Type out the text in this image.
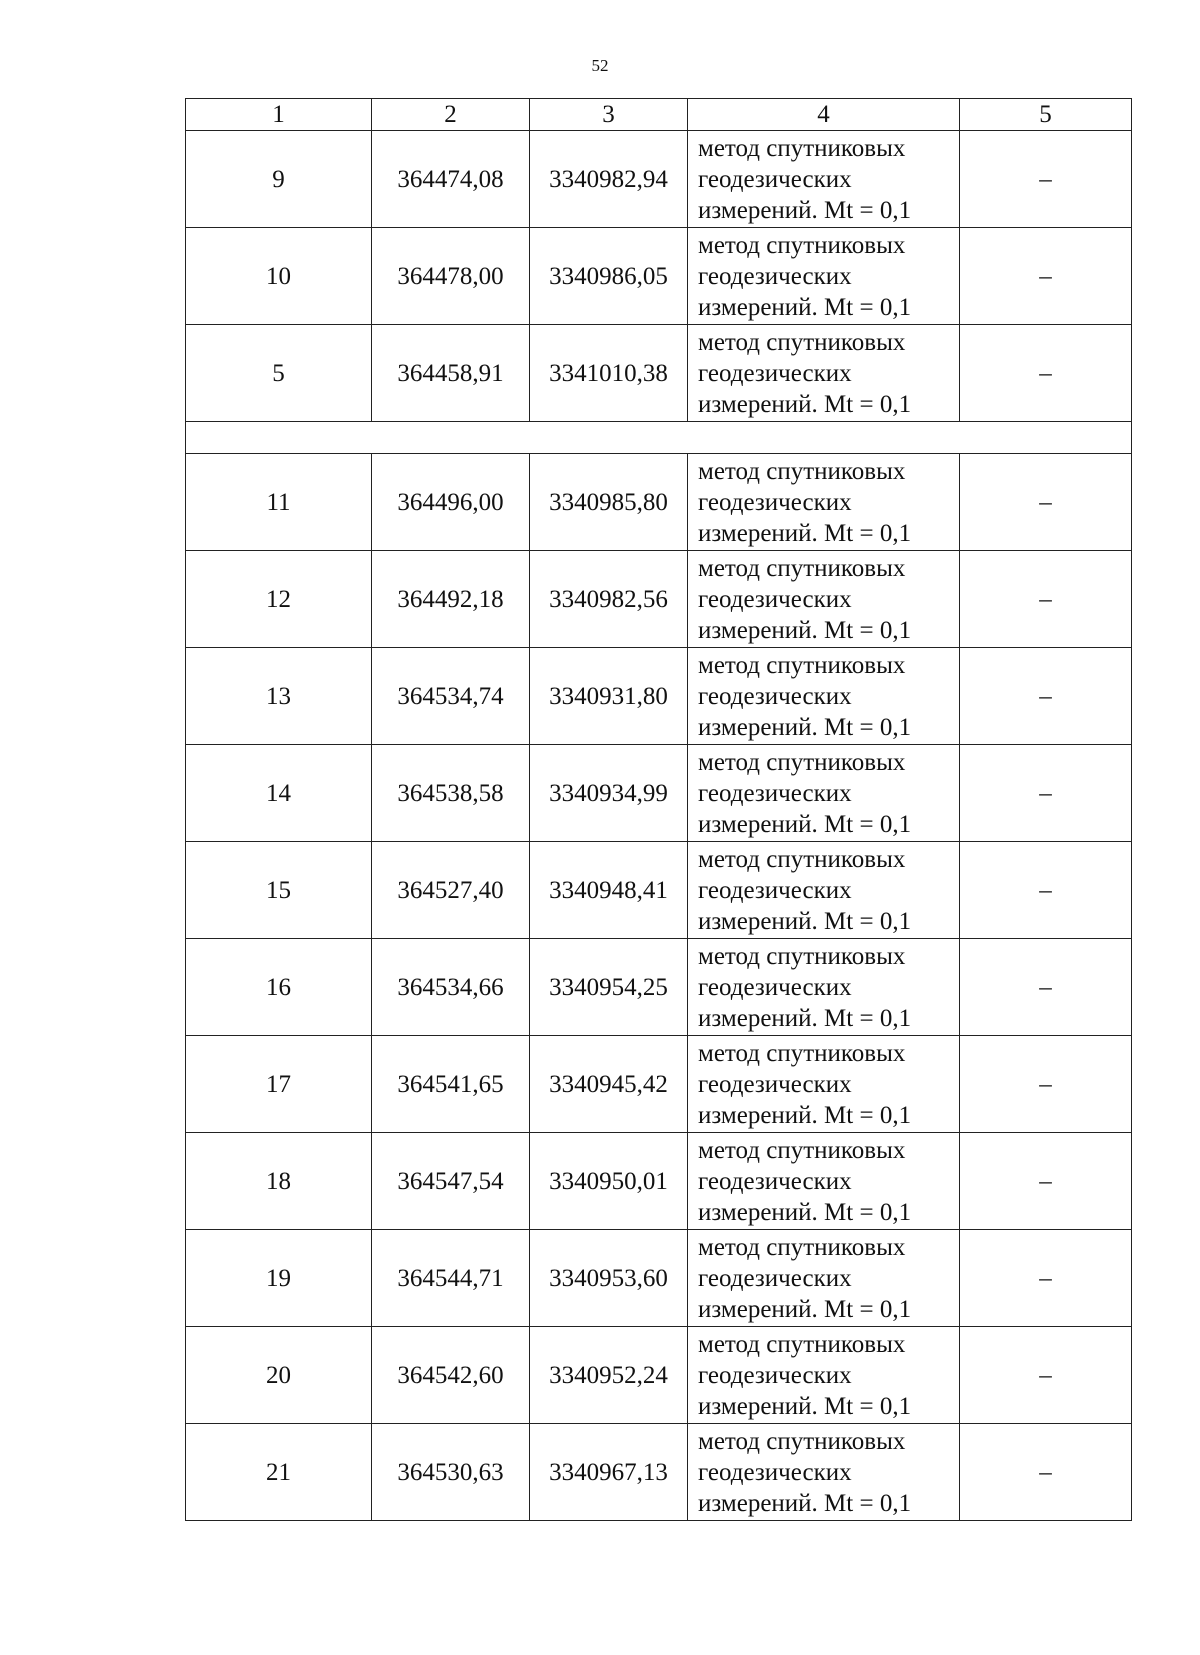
52
1	2	3	4	5
9	364474,08	3340982,94	метод спутниковых
геодезических
измерений. Mt = 0,1	–
10	364478,00	3340986,05	метод спутниковых
геодезических
измерений. Mt = 0,1	–
5	364458,91	3341010,38	метод спутниковых
геодезических
измерений. Mt = 0,1	–

11	364496,00	3340985,80	метод спутниковых
геодезических
измерений. Mt = 0,1	–
12	364492,18	3340982,56	метод спутниковых
геодезических
измерений. Mt = 0,1	–
13	364534,74	3340931,80	метод спутниковых
геодезических
измерений. Mt = 0,1	–
14	364538,58	3340934,99	метод спутниковых
геодезических
измерений. Mt = 0,1	–
15	364527,40	3340948,41	метод спутниковых
геодезических
измерений. Mt = 0,1	–
16	364534,66	3340954,25	метод спутниковых
геодезических
измерений. Mt = 0,1	–
17	364541,65	3340945,42	метод спутниковых
геодезических
измерений. Mt = 0,1	–
18	364547,54	3340950,01	метод спутниковых
геодезических
измерений. Mt = 0,1	–
19	364544,71	3340953,60	метод спутниковых
геодезических
измерений. Mt = 0,1	–
20	364542,60	3340952,24	метод спутниковых
геодезических
измерений. Mt = 0,1	–
21	364530,63	3340967,13	метод спутниковых
геодезических
измерений. Mt = 0,1	–
